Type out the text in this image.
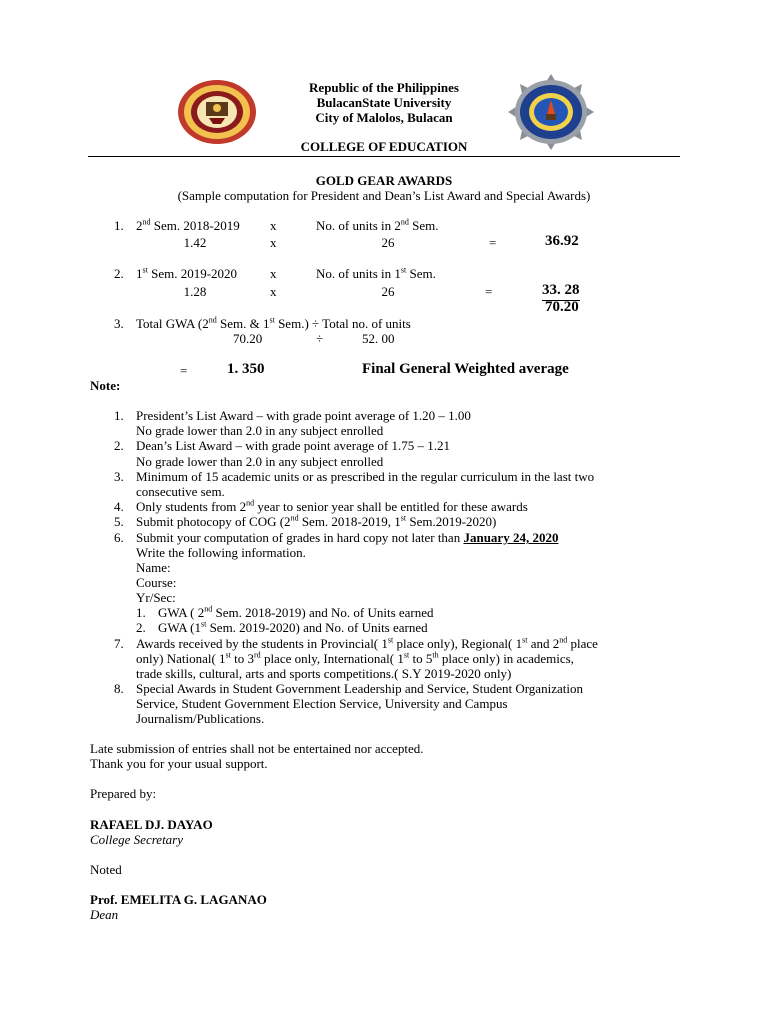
Republic of the Philippines
BulacanState University
City of Malolos, Bulacan
COLLEGE OF EDUCATION
GOLD GEAR AWARDS
(Sample computation for President and Dean’s List Award and Special Awards)
1. 2nd Sem. 2018-2019 x	No. of units in 2nd Sem.
1.42	x	26	=	36.92
2. 1st Sem. 2019-2020	x	No. of units in 1st Sem.
1.28	x	26	=	33. 28
70.20
3. Total GWA (2nd Sem. & 1st Sem.) ÷ Total no. of units
70.20	÷	52. 00
=	1. 350	Final General Weighted average
Note:
1. President’s List Award – with grade point average of 1.20 – 1.00
No grade lower than 2.0 in any subject enrolled
2. Dean’s List Award – with grade point average of 1.75 – 1.21
No grade lower than 2.0 in any subject enrolled
3. Minimum of 15 academic units or as prescribed in the regular curriculum in the last two
consecutive sem.
4. Only students from 2nd year to senior year shall be entitled for these awards
5. Submit photocopy of COG (2nd Sem. 2018-2019, 1st Sem.2019-2020)
6. Submit your computation of grades in hard copy not later than January 24, 2020
Write the following information.
Name:
Course:
Yr/Sec:
1. GWA ( 2nd Sem. 2018-2019) and No. of Units earned
2. GWA (1st Sem. 2019-2020) and No. of Units earned
7. Awards received by the students in Provincial( 1st place only), Regional( 1st and 2nd place
only) National( 1st to 3rd place only, International( 1st to 5th place only) in academics,
trade skills, cultural, arts and sports competitions.( S.Y 2019-2020 only)
8. Special Awards in Student Government Leadership and Service, Student Organization
Service, Student Government Election Service, University and Campus
Journalism/Publications.
Late submission of entries shall not be entertained nor accepted.
Thank you for your usual support.
Prepared by:
RAFAEL DJ. DAYAO
College Secretary
Noted
Prof. EMELITA G. LAGANAO
Dean
